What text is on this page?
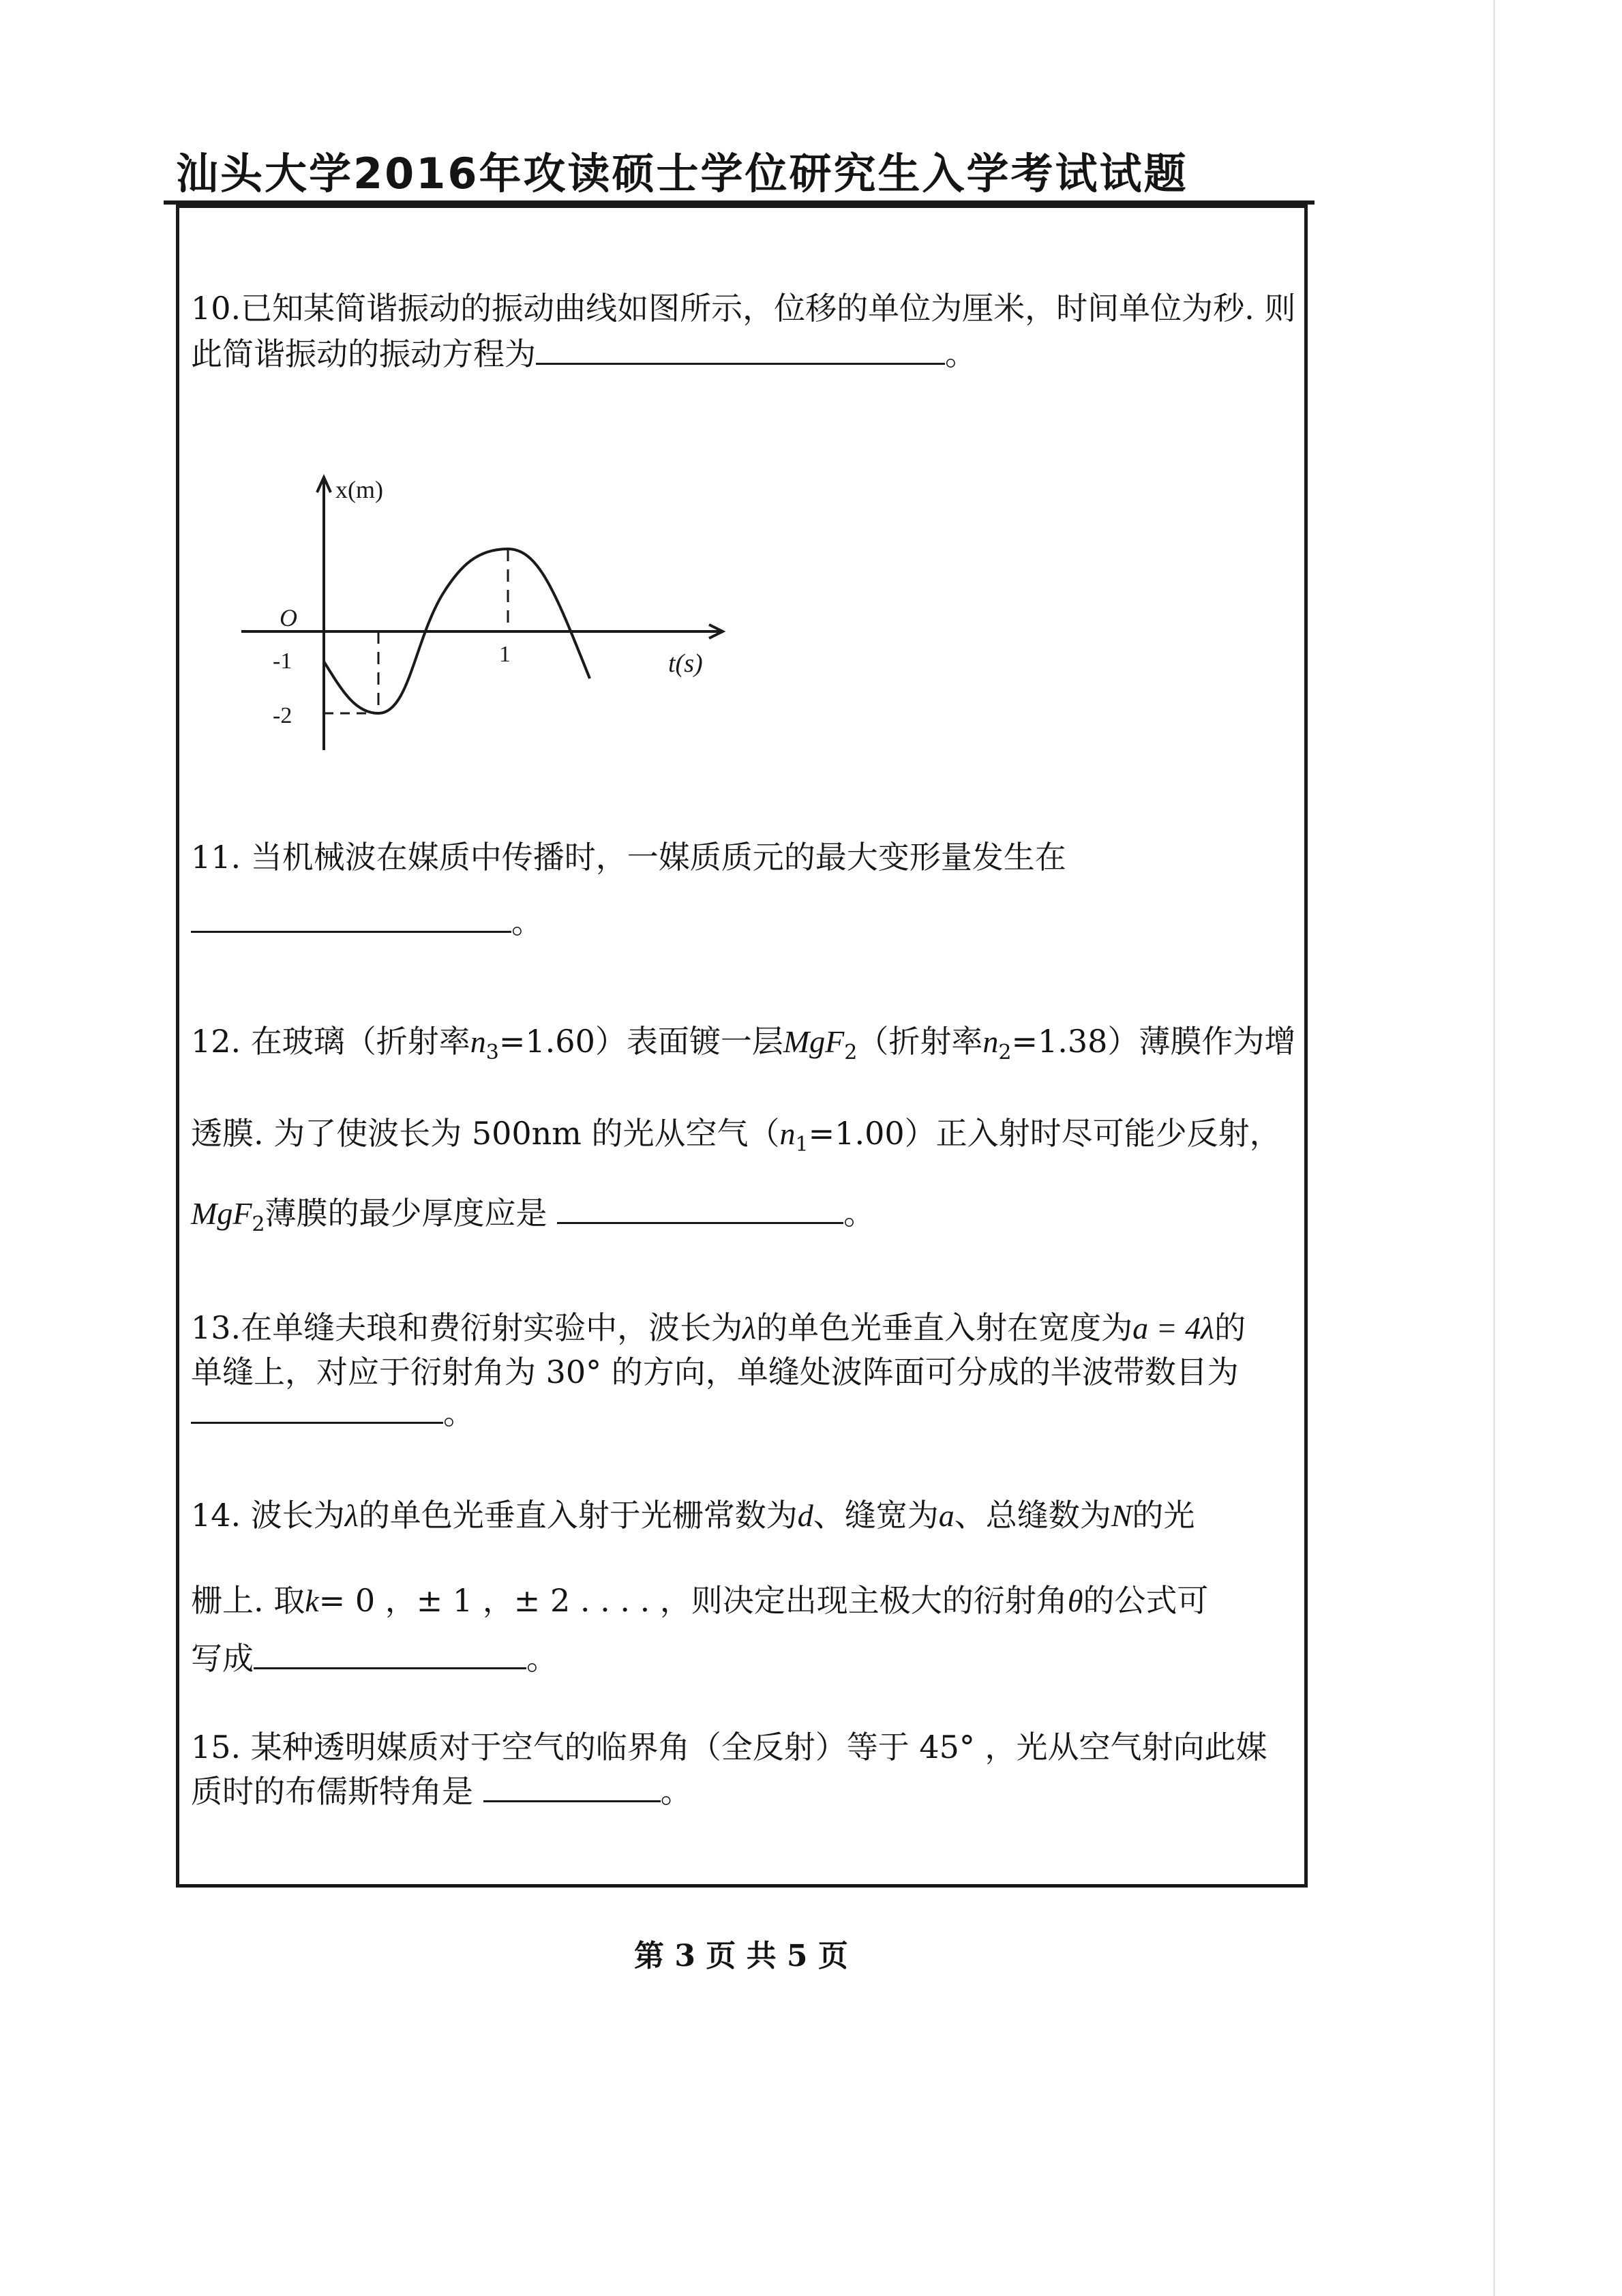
汕头大学2016年攻读硕士学位研究生入学考试试题
10.已知某简谐振动的振动曲线如图所示，位移的单位为厘米，时间单位为秒. 则
此简谐振动的振动方程为	。
x(m)
t(s)
O
-1
-2
1
11. 当机械波在媒质中传播时，一媒质质元的最大变形量发生在
。
12. 在玻璃（折射率$n_3=1.60$）表面镀一层MgF$_2$（折射率$n_2=1.38$）薄膜作为增
透膜. 为了使波长为 500nm 的光从空气$(n_1=1.00)$正入射时尽可能少反射，
MgF$_2$薄膜的最少厚度应是	。
13.在单缝夫琅和费衍射实验中，波长为λ的单色光垂直入射在宽度为a = 4λ的
单缝上，对应于衍射角为 30° 的方向，单缝处波阵面可分成的半波带数目为
。
14. 波长为λ的单色光垂直入射于光栅常数为d、缝宽为a、总缝数为N的光
栅上. 取k= 0 ，± 1 ，± 2 . . . . ，则决定出现主极大的衍射角θ的公式可
写成	。
15. 某种透明媒质对于空气的临界角（全反射）等于 45° ，光从空气射向此媒
质时的布儒斯特角是	。
第 3 页 共 5 页
